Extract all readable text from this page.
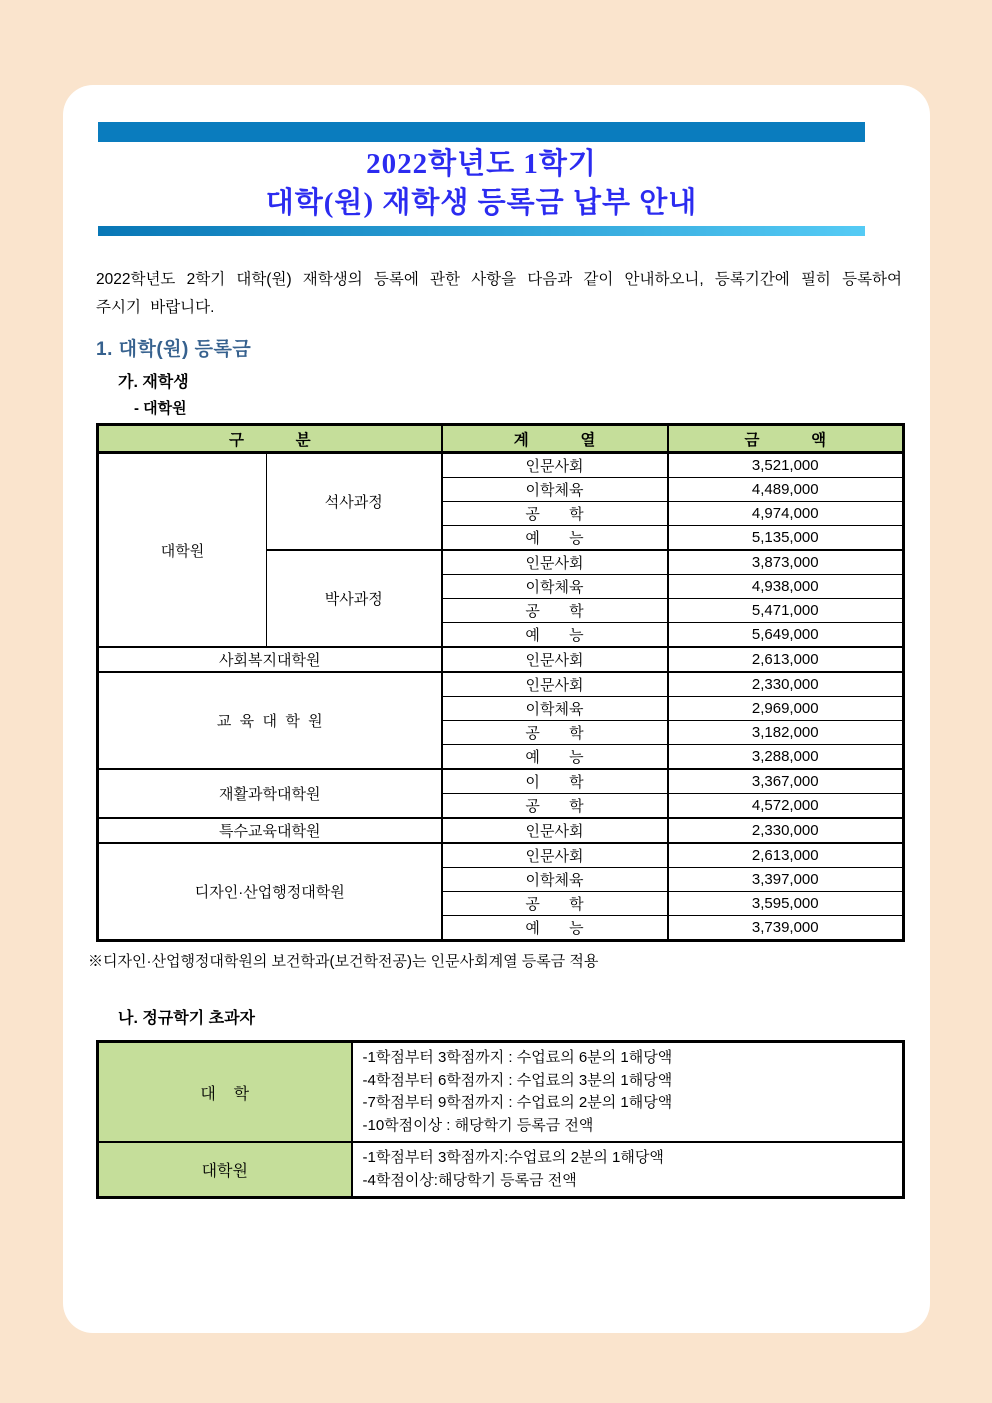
2022학년도 1학기
대학(원) 재학생 등록금 납부 안내

2022학년도 2학기 대학(원) 재학생의 등록에 관한 사항을 다음과 같이 안내하오니, 등록기간에 필히 등록하여 주시기 바랍니다.

1. 대학(원) 등록금
가. 재학생
- 대학원
구            분		계            열	금            액
대학원	석사과정	인문사회	3,521,000
		이학체육	4,489,000
		공       학	4,974,000
		예       능	5,135,000
	박사과정	인문사회	3,873,000
		이학체육	4,938,000
		공       학	5,471,000
		예       능	5,649,000
사회복지대학원		인문사회	2,613,000
교  육  대  학  원		인문사회	2,330,000
		이학체육	2,969,000
		공       학	3,182,000
		예       능	3,288,000
재활과학대학원		이       학	3,367,000
		공       학	4,572,000
특수교육대학원		인문사회	2,330,000
디자인·산업행정대학원		인문사회	2,613,000
		이학체육	3,397,000
		공       학	3,595,000
		예       능	3,739,000
※디자인·산업행정대학원의 보건학과(보건학전공)는 인문사회계열 등록금 적용
나. 정규학기 초과자
대    학	-1학점부터 3학점까지 : 수업료의 6분의 1해당액
-4학점부터 6학점까지 : 수업료의 3분의 1해당액
-7학점부터 9학점까지 : 수업료의 2분의 1해당액
-10학점이상 : 해당학기 등록금 전액

대학원	-1학점부터 3학점까지:수업료의 2분의 1해당액
-4학점이상:해당학기 등록금 전액
